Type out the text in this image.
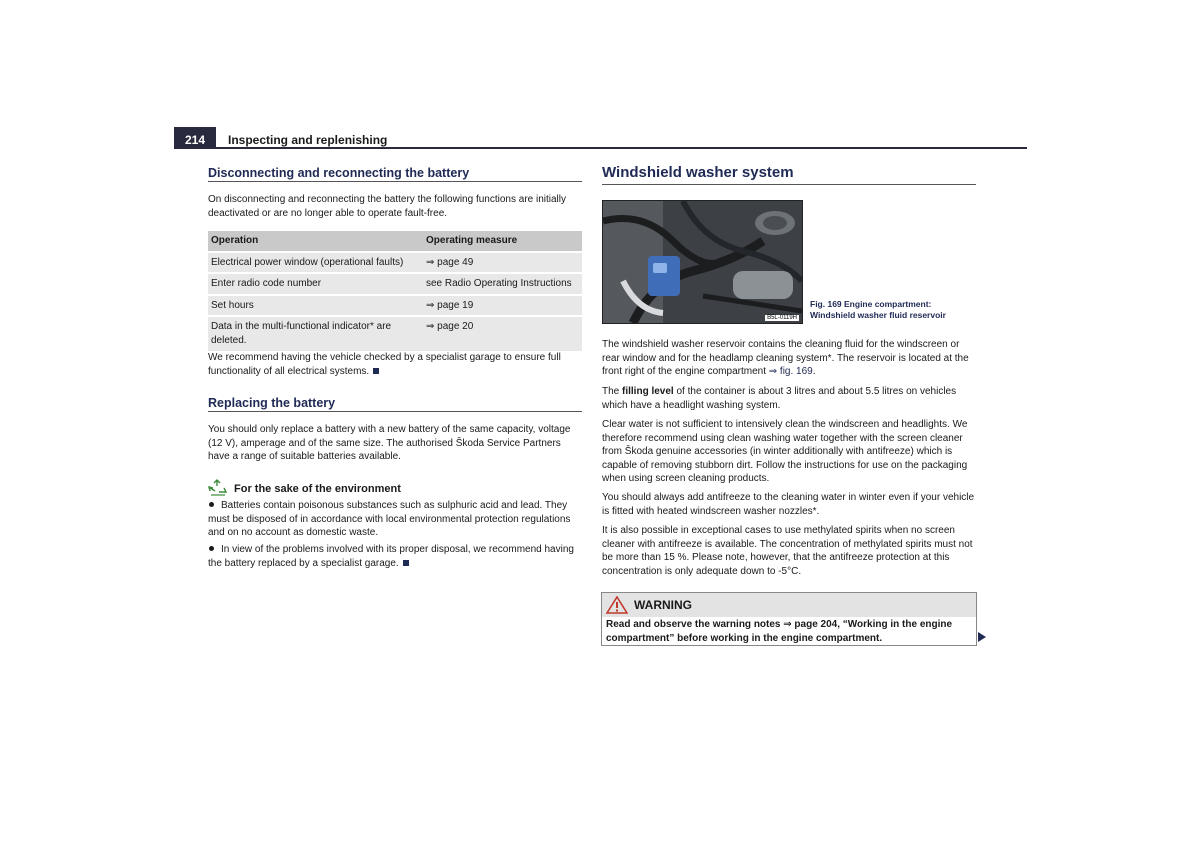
214	Inspecting and replenishing
Disconnecting and reconnecting the battery
On disconnecting and reconnecting the battery the following functions are initially deactivated or are no longer able to operate fault-free.
Operation	Operating measure
Electrical power window (operational faults)	⇒ page 49
Enter radio code number	see Radio Operating Instructions
Set hours	⇒ page 19
Data in the multi-functional indicator* are deleted.	⇒ page 20
We recommend having the vehicle checked by a specialist garage to ensure full functionality of all electrical systems.
Replacing the battery
You should only replace a battery with a new battery of the same capacity, voltage (12 V), amperage and of the same size. The authorised Škoda Service Partners have a range of suitable batteries available.
For the sake of the environment
Batteries contain poisonous substances such as sulphuric acid and lead. They must be disposed of in accordance with local environmental protection regulations and on no account as domestic waste.
In view of the problems involved with its proper disposal, we recommend having the battery replaced by a specialist garage.
Windshield washer system
B5L-0119H
Fig. 169 Engine compartment: Windshield washer fluid reservoir
The windshield washer reservoir contains the cleaning fluid for the windscreen or rear window and for the headlamp cleaning system*. The reservoir is located at the front right of the engine compartment ⇒ fig. 169.
The filling level of the container is about 3 litres and about 5.5 litres on vehicles which have a headlight washing system.
Clear water is not sufficient to intensively clean the windscreen and headlights. We therefore recommend using clean washing water together with the screen cleaner from Škoda genuine accessories (in winter additionally with antifreeze) which is capable of removing stubborn dirt. Follow the instructions for use on the packaging when using screen cleaning products.
You should always add antifreeze to the cleaning water in winter even if your vehicle is fitted with heated windscreen washer nozzles*.
It is also possible in exceptional cases to use methylated spirits when no screen cleaner with antifreeze is available. The concentration of methylated spirits must not be more than 15 %. Please note, however, that the antifreeze protection at this concentration is only adequate down to -5°C.
WARNING
Read and observe the warning notes ⇒ page 204, “Working in the engine compartment” before working in the engine compartment.
